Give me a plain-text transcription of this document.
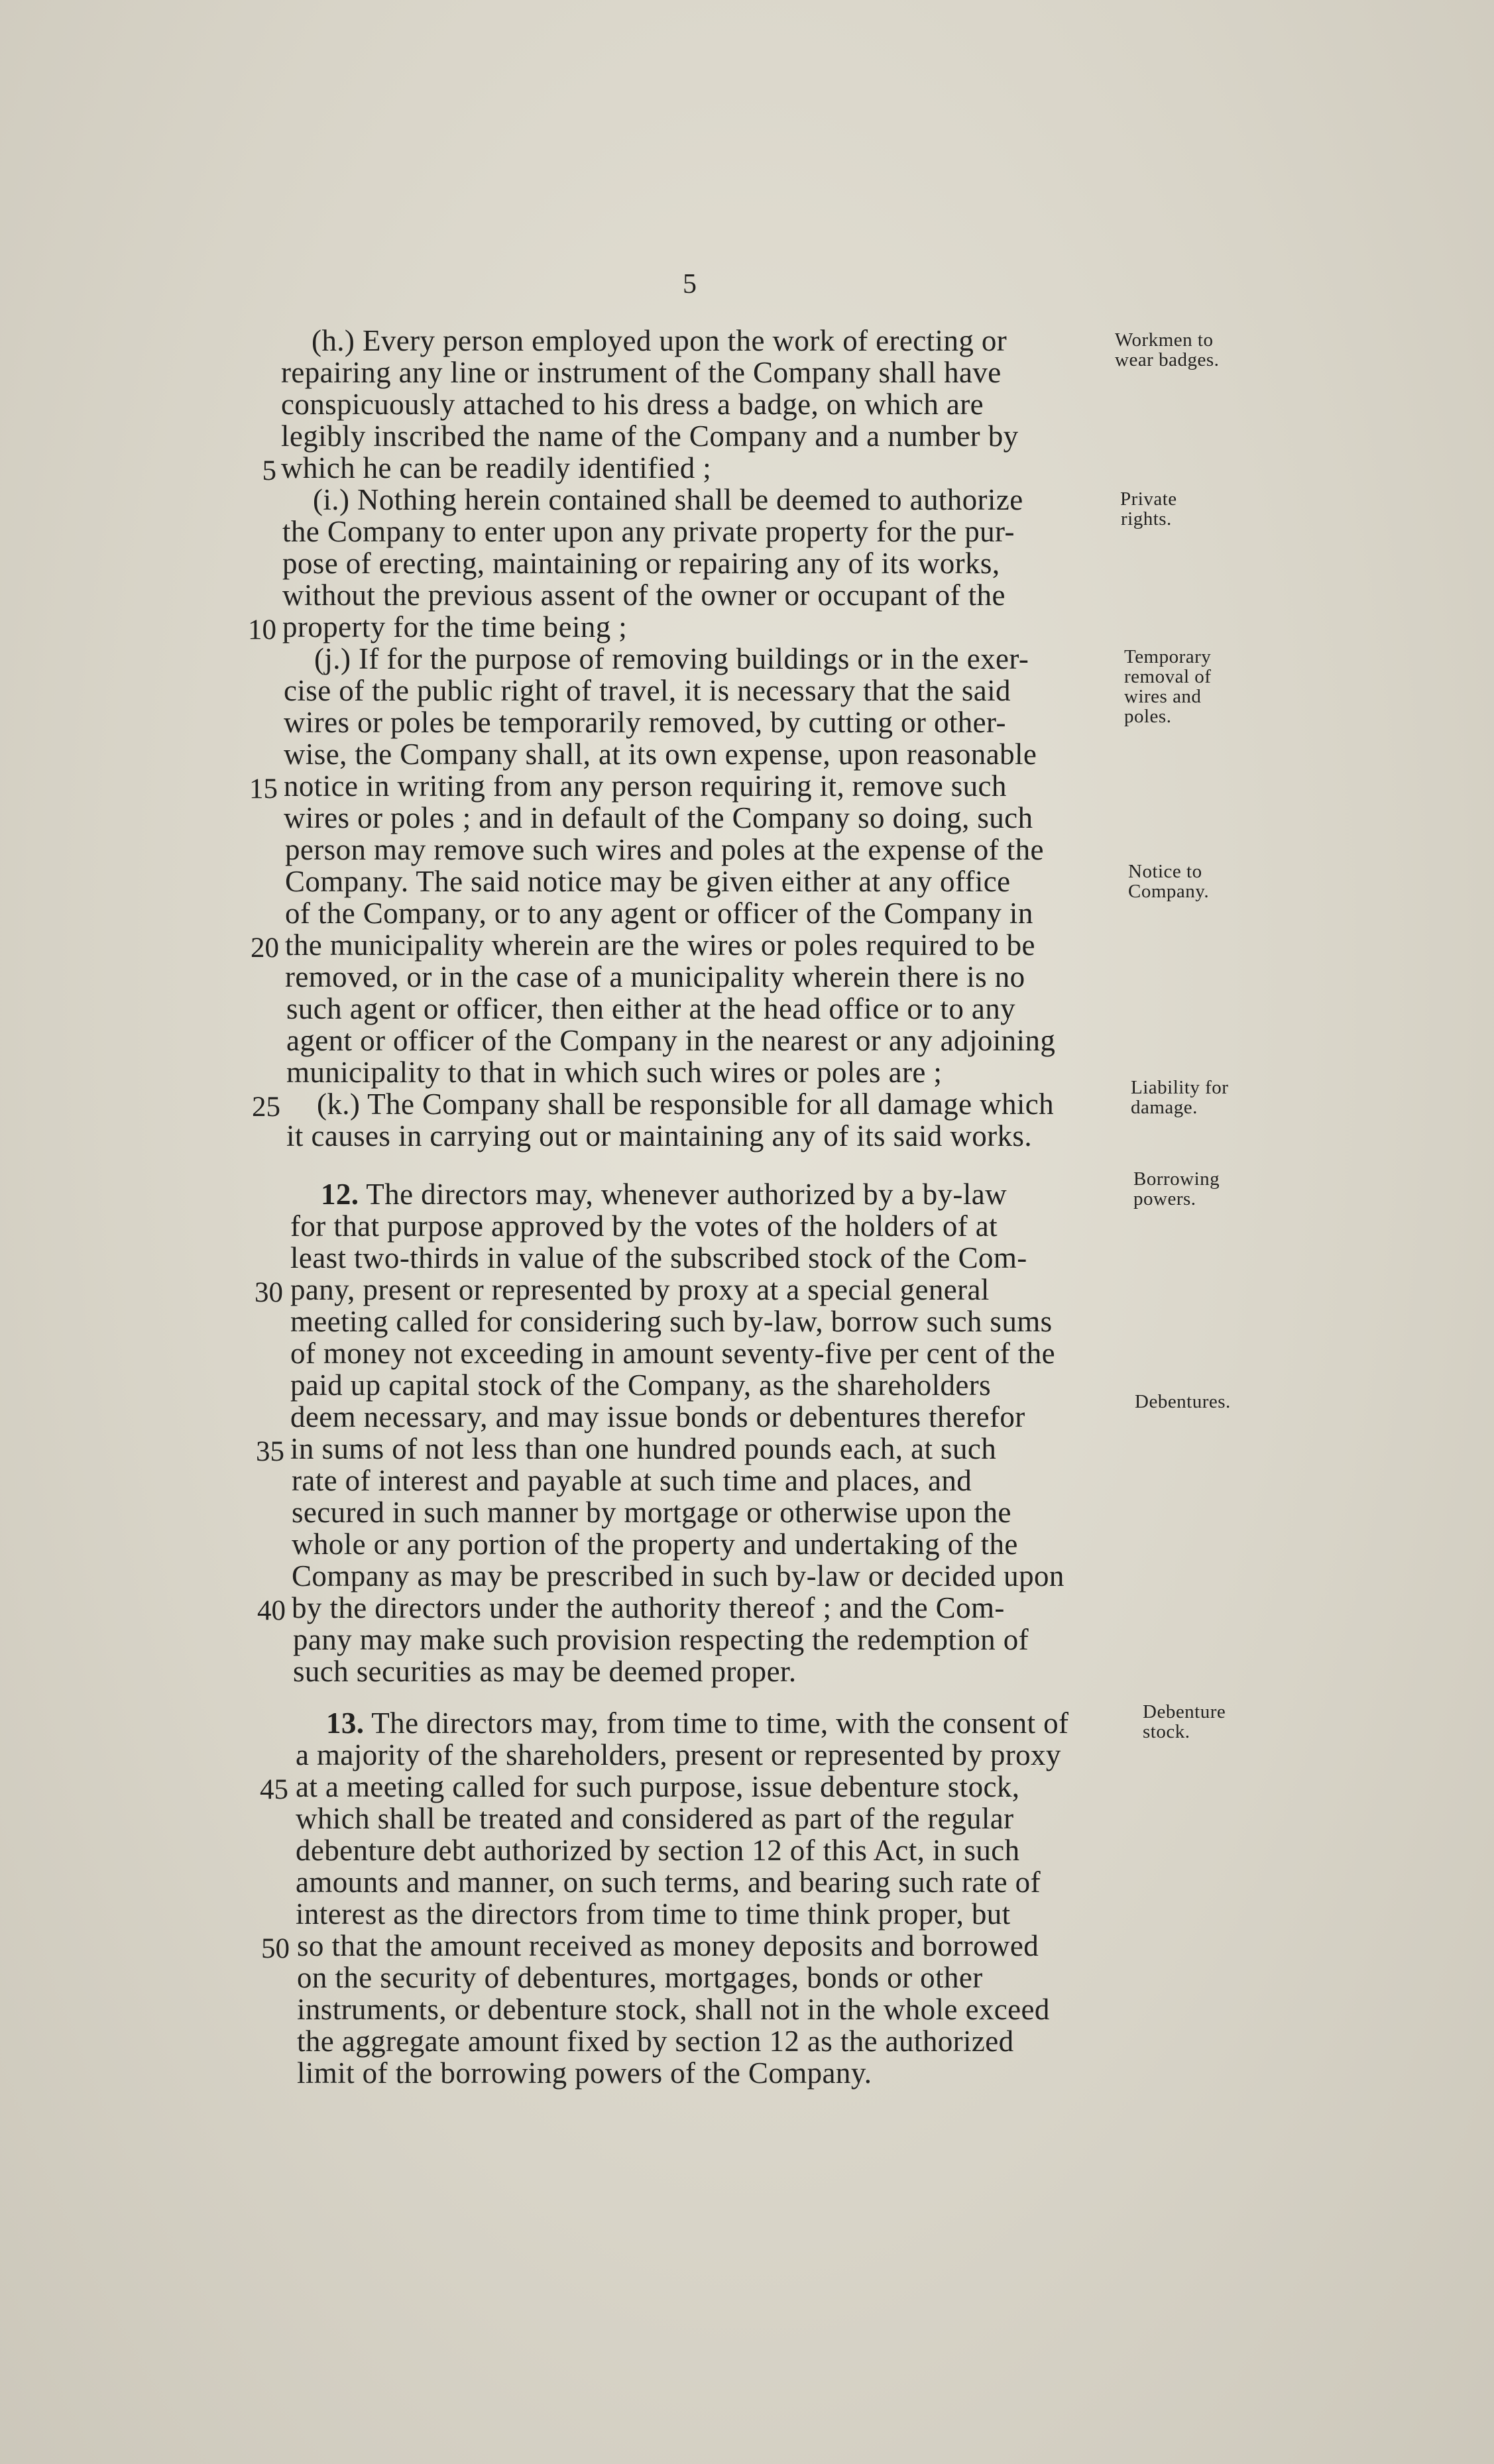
5
(h.) Every person employed upon the work of erecting or
repairing any line or instrument of the Company shall have
conspicuously attached to his dress a badge, on which are
legibly inscribed the name of the Company and a number by
which he can be readily identified ;
(i.) Nothing herein contained shall be deemed to authorize
the Company to enter upon any private property for the pur-
pose of erecting, maintaining or repairing any of its works,
without the previous assent of the owner or occupant of the
property for the time being ;
(j.) If for the purpose of removing buildings or in the exer-
cise of the public right of travel, it is necessary that the said
wires or poles be temporarily removed, by cutting or other-
wise, the Company shall, at its own expense, upon reasonable
notice in writing from any person requiring it, remove such
wires or poles ; and in default of the Company so doing, such
person may remove such wires and poles at the expense of the
Company. The said notice may be given either at any office
of the Company, or to any agent or officer of the Company in
the municipality wherein are the wires or poles required to be
removed, or in the case of a municipality wherein there is no
such agent or officer, then either at the head office or to any
agent or officer of the Company in the nearest or any adjoining
municipality to that in which such wires or poles are ;
(k.) The Company shall be responsible for all damage which
it causes in carrying out or maintaining any of its said works.
12. The directors may, whenever authorized by a by-law
for that purpose approved by the votes of the holders of at
least two-thirds in value of the subscribed stock of the Com-
pany, present or represented by proxy at a special general
meeting called for considering such by-law, borrow such sums
of money not exceeding in amount seventy-five per cent of the
paid up capital stock of the Company, as the shareholders
deem necessary, and may issue bonds or debentures therefor
in sums of not less than one hundred pounds each, at such
rate of interest and payable at such time and places, and
secured in such manner by mortgage or otherwise upon the
whole or any portion of the property and undertaking of the
Company as may be prescribed in such by-law or decided upon
by the directors under the authority thereof ; and the Com-
pany may make such provision respecting the redemption of
such securities as may be deemed proper.
13. The directors may, from time to time, with the consent of
a majority of the shareholders, present or represented by proxy
at a meeting called for such purpose, issue debenture stock,
which shall be treated and considered as part of the regular
debenture debt authorized by section 12 of this Act, in such
amounts and manner, on such terms, and bearing such rate of
interest as the directors from time to time think proper, but
so that the amount received as money deposits and borrowed
on the security of debentures, mortgages, bonds or other
instruments, or debenture stock, shall not in the whole exceed
the aggregate amount fixed by section 12 as the authorized
limit of the borrowing powers of the Company.
5
10
15
20
25
30
35
40
45
50
Workmen to
wear badges.
Private
rights.
Temporary
removal of
wires and
poles.
Notice to
Company.
Liability for
damage.
Borrowing
powers.
Debentures.
Debenture
stock.
